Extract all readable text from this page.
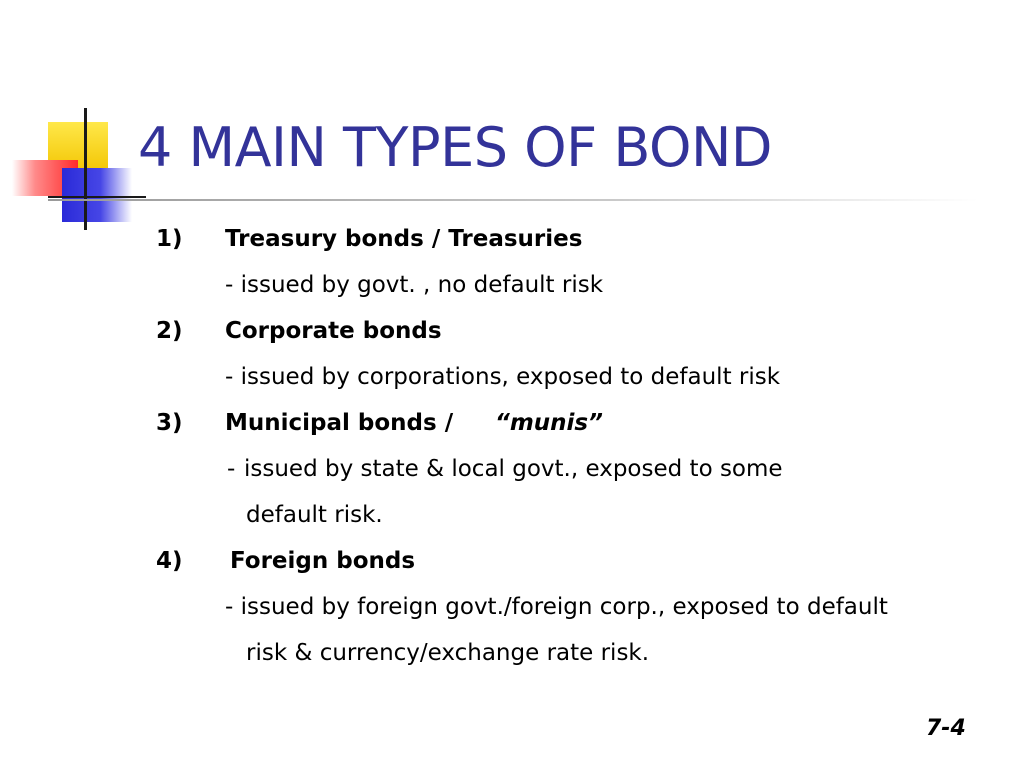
4 MAIN TYPES OF BOND
1) Treasury bonds / Treasuries
- issued by govt. , no default risk
2) Corporate bonds
- issued by corporations, exposed to default risk
3) Municipal bonds / “munis”
- issued by state & local govt., exposed to some
default risk.
4) Foreign bonds
- issued by foreign govt./foreign corp., exposed to default
risk & currency/exchange rate risk.
7-4
